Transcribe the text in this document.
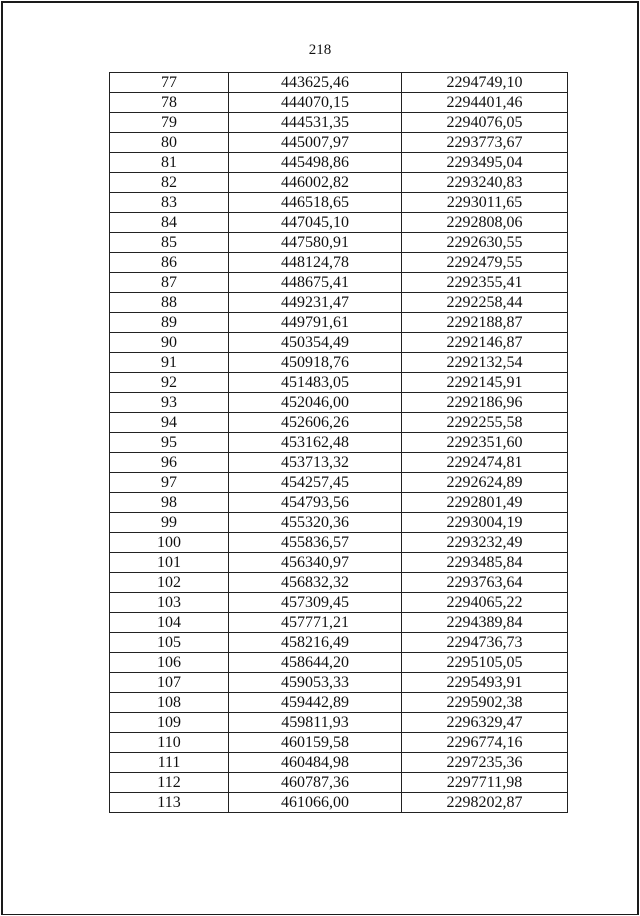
218
77	443625,46	2294749,10
78	444070,15	2294401,46
79	444531,35	2294076,05
80	445007,97	2293773,67
81	445498,86	2293495,04
82	446002,82	2293240,83
83	446518,65	2293011,65
84	447045,10	2292808,06
85	447580,91	2292630,55
86	448124,78	2292479,55
87	448675,41	2292355,41
88	449231,47	2292258,44
89	449791,61	2292188,87
90	450354,49	2292146,87
91	450918,76	2292132,54
92	451483,05	2292145,91
93	452046,00	2292186,96
94	452606,26	2292255,58
95	453162,48	2292351,60
96	453713,32	2292474,81
97	454257,45	2292624,89
98	454793,56	2292801,49
99	455320,36	2293004,19
100	455836,57	2293232,49
101	456340,97	2293485,84
102	456832,32	2293763,64
103	457309,45	2294065,22
104	457771,21	2294389,84
105	458216,49	2294736,73
106	458644,20	2295105,05
107	459053,33	2295493,91
108	459442,89	2295902,38
109	459811,93	2296329,47
110	460159,58	2296774,16
111	460484,98	2297235,36
112	460787,36	2297711,98
113	461066,00	2298202,87
